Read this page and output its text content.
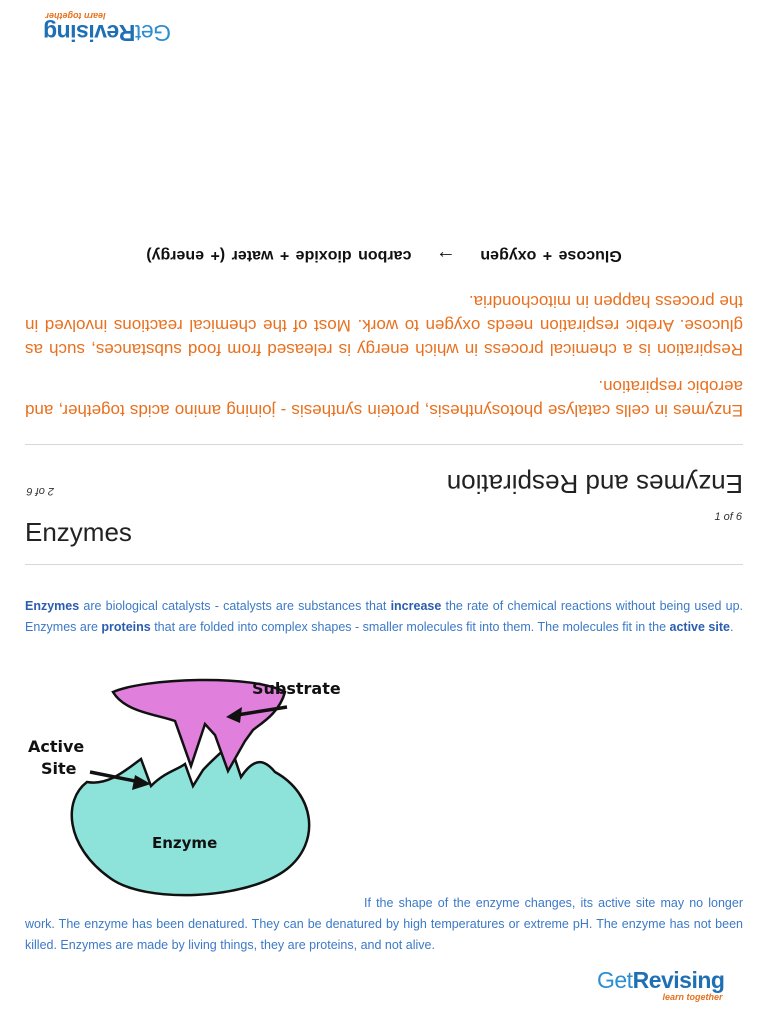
2 of 6	Enzymes and Respiration

Enzymes in cells catalyse photosynthesis, protein synthesis - joining amino acids together, and aerobic respiration.

Respiration is a chemical process in which energy is released from food substances, such as glucose. Arebic respiration needs oxygen to work. Most of the chemical reactions involved in the process happen in mitochondria.

Glucose + oxygen → carbon dioxide + water (+ energy)
GetRevising
learn together
1 of 6
Enzymes
Enzymes are biological catalysts - catalysts are substances that increase the rate of chemical reactions without being used up. Enzymes are proteins that are folded into complex shapes - smaller molecules fit into them. The molecules fit in the active site.
Substrate
Active
Site
Enzyme
If the shape of the enzyme changes, its active site may no longer work. The enzyme has been denatured. They can be denatured by high temperatures or extreme pH. The enzyme has not been killed. Enzymes are made by living things, they are proteins, and not alive.
GetRevising
learn together
